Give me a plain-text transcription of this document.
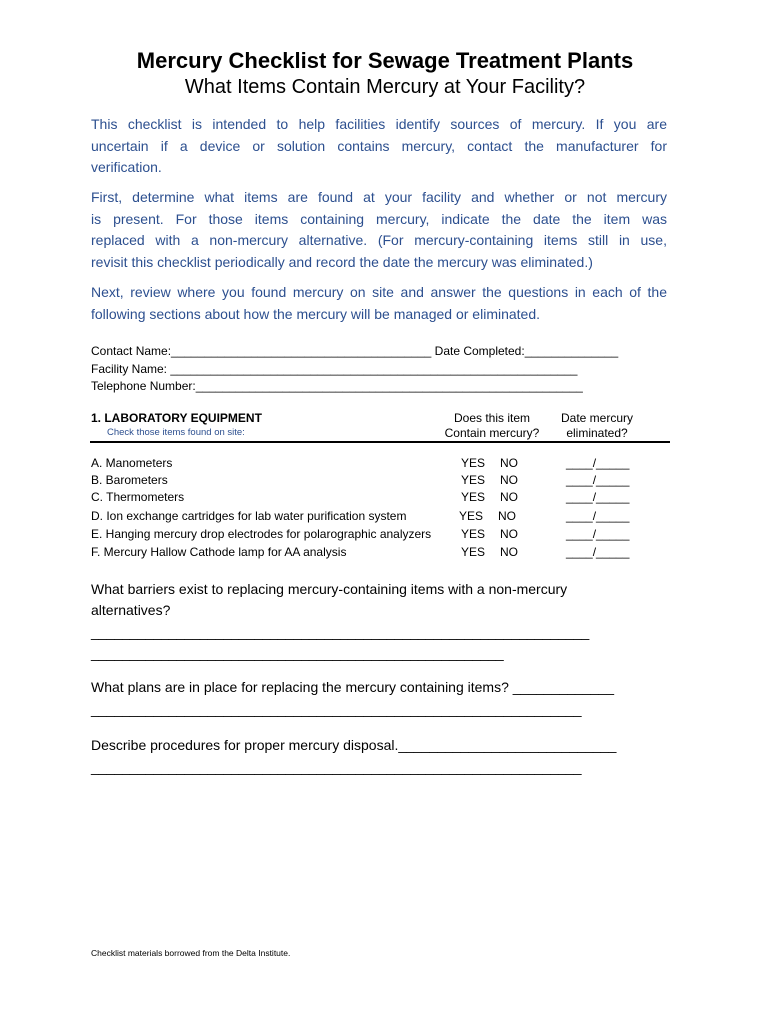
Mercury Checklist for Sewage Treatment Plants
What Items Contain Mercury at Your Facility?
This checklist is intended to help facilities identify sources of mercury. If you are
uncertain if a device or solution contains mercury, contact the manufacturer for
verification.
First, determine what items are found at your facility and whether or not mercury
is present. For those items containing mercury, indicate the date the item was
replaced with a non-mercury alternative. (For mercury-containing items still in use,
revisit this checklist periodically and record the date the mercury was eliminated.)
Next, review where you found mercury on site and answer the questions in each of the
following sections about how the mercury will be managed or eliminated.
Contact Name:_______________________________________ Date Completed:______________
Facility Name: _____________________________________________________________
Telephone Number:__________________________________________________________
1. LABORATORY EQUIPMENT
Check those items found on site:
Does this item Contain mercury?
Date mercury eliminated?
A. Manometers	YES NO	____/_____
B. Barometers	YES NO	____/_____
C. Thermometers	YES NO	____/_____
D. Ion exchange cartridges for lab water purification system	YES NO	____/_____
E. Hanging mercury drop electrodes for polarographic analyzers YES NO	____/_____
F. Mercury Hallow Cathode lamp for AA analysis	YES NO	____/_____
What barriers exist to replacing mercury-containing items with a non-mercury
alternatives?
________________________________________________________________
_____________________________________________________
What plans are in place for replacing the mercury containing items? _____________
_______________________________________________________________
Describe procedures for proper mercury disposal.____________________________
_______________________________________________________________
Checklist materials borrowed from the Delta Institute.
